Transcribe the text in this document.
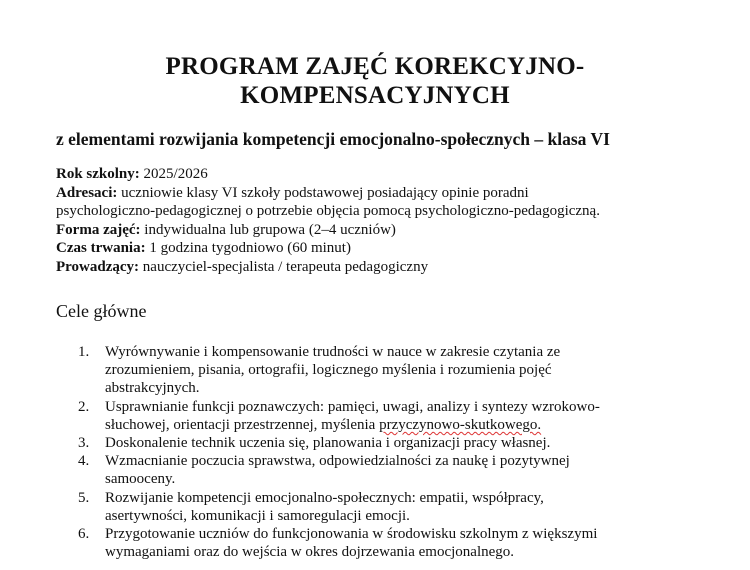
PROGRAM ZAJĘĆ KOREKCYJNO-
KOMPENSACYJNYCH
z elementami rozwijania kompetencji emocjonalno-społecznych – klasa VI
Rok szkolny: 2025/2026
Adresaci: uczniowie klasy VI szkoły podstawowej posiadający opinie poradni
psychologiczno-pedagogicznej o potrzebie objęcia pomocą psychologiczno-pedagogiczną.
Forma zajęć: indywidualna lub grupowa (2–4 uczniów)
Czas trwania: 1 godzina tygodniowo (60 minut)
Prowadzący: nauczyciel-specjalista / terapeuta pedagogiczny
Cele główne
1. Wyrównywanie i kompensowanie trudności w nauce w zakresie czytania ze
zrozumieniem, pisania, ortografii, logicznego myślenia i rozumienia pojęć
abstrakcyjnych.
2. Usprawnianie funkcji poznawczych: pamięci, uwagi, analizy i syntezy wzrokowo-
słuchowej, orientacji przestrzennej, myślenia przyczynowo-skutkowego.
3. Doskonalenie technik uczenia się, planowania i organizacji pracy własnej.
4. Wzmacnianie poczucia sprawstwa, odpowiedzialności za naukę i pozytywnej
samooceny.
5. Rozwijanie kompetencji emocjonalno-społecznych: empatii, współpracy,
asertywności, komunikacji i samoregulacji emocji.
6. Przygotowanie uczniów do funkcjonowania w środowisku szkolnym z większymi
wymaganiami oraz do wejścia w okres dojrzewania emocjonalnego.
